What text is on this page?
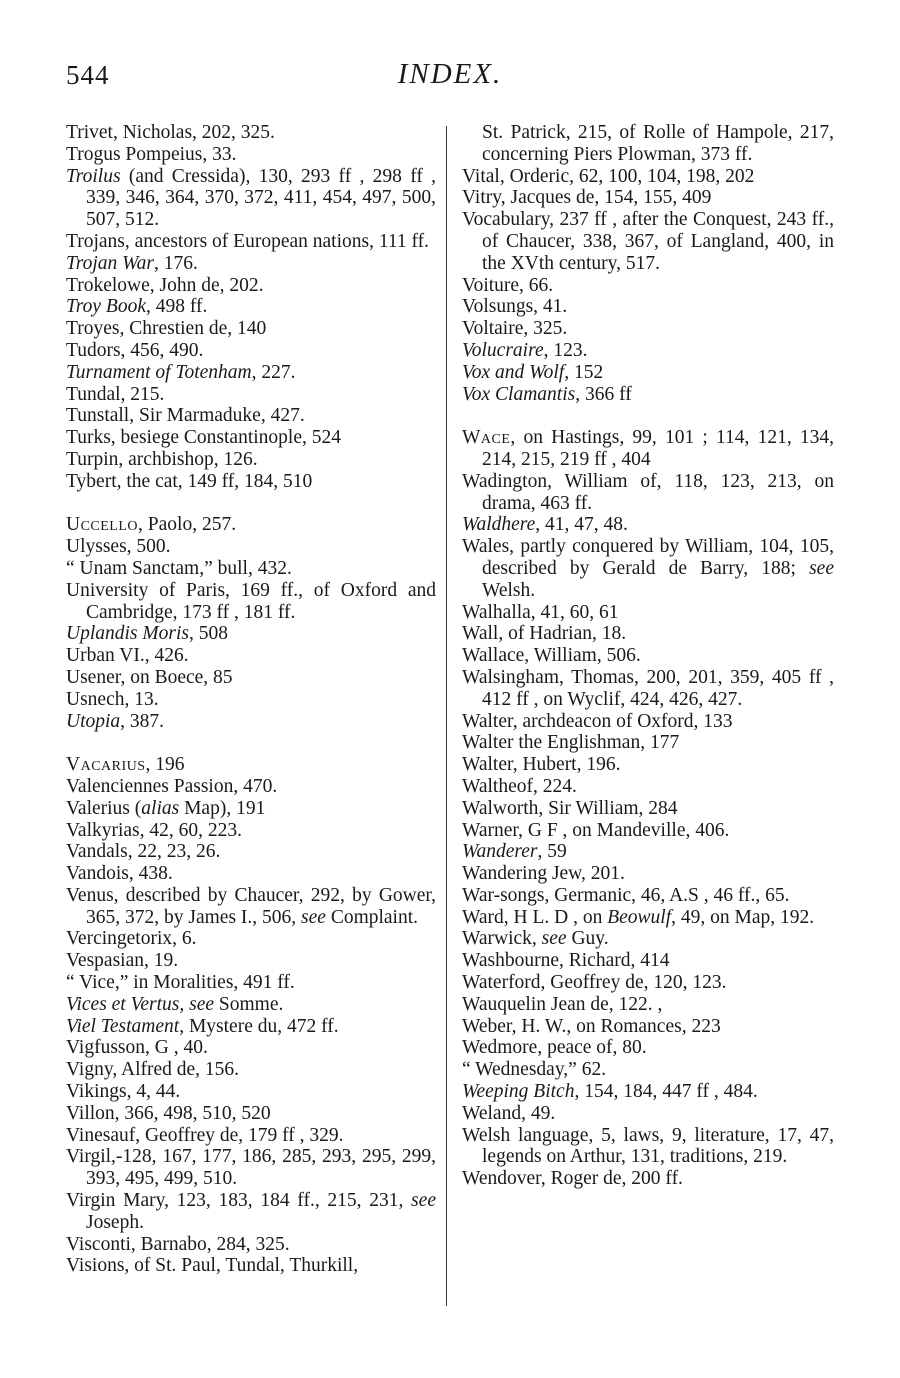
544	INDEX.

Trivet, Nicholas, 202, 325.

Trogus Pompeius, 33.

Troilus (and Cressida), 130, 293 ff , 298 ff , 339, 346, 364, 370, 372, 411, 454, 497, 500, 507, 512.

Trojans, ancestors of European nations, 111 ff.

Trojan War, 176.

Trokelowe, John de, 202.

Troy Book, 498 ff.

Troyes, Chrestien de, 140

Tudors, 456, 490.

Turnament of Totenham, 227.

Tundal, 215.

Tunstall, Sir Marmaduke, 427.

Turks, besiege Constantinople, 524

Turpin, archbishop, 126.

Tybert, the cat, 149 ff, 184, 510

Uccello, Paolo, 257.

Ulysses, 500.

“ Unam Sanctam,” bull, 432.

University of Paris, 169 ff., of Oxford and Cambridge, 173 ff , 181 ff.

Uplandis Moris, 508

Urban VI., 426.

Usener, on Boece, 85

Usnech, 13.

Utopia, 387.

Vacarius, 196

Valenciennes Passion, 470.

Valerius (alias Map), 191

Valkyrias, 42, 60, 223.

Vandals, 22, 23, 26.

Vandois, 438.

Venus, described by Chaucer, 292, by Gower, 365, 372, by James I., 506, see Complaint.

Vercingetorix, 6.

Vespasian, 19.

“ Vice,” in Moralities, 491 ff.

Vices et Vertus, see Somme.

Viel Testament, Mystere du, 472 ff.

Vigfusson, G , 40.

Vigny, Alfred de, 156.

Vikings, 4, 44.

Villon, 366, 498, 510, 520

Vinesauf, Geoffrey de, 179 ff , 329.

Virgil,-128, 167, 177, 186, 285, 293, 295, 299, 393, 495, 499, 510.

Virgin Mary, 123, 183, 184 ff., 215, 231, see Joseph.

Visconti, Barnabo, 284, 325.

Visions, of St. Paul, Tundal, Thurkill,

St. Patrick, 215, of Rolle of Hampole, 217, concerning Piers Plowman, 373 ff.

Vital, Orderic, 62, 100, 104, 198, 202

Vitry, Jacques de, 154, 155, 409

Vocabulary, 237 ff , after the Conquest, 243 ff., of Chaucer, 338, 367, of Langland, 400, in the XVth century, 517.

Voiture, 66.

Volsungs, 41.

Voltaire, 325.

Volucraire, 123.

Vox and Wolf, 152

Vox Clamantis, 366 ff

Wace, on Hastings, 99, 101 ; 114, 121, 134, 214, 215, 219 ff , 404

Wadington, William of, 118, 123, 213, on drama, 463 ff.

Waldhere, 41, 47, 48.

Wales, partly conquered by William, 104, 105, described by Gerald de Barry, 188; see Welsh.

Walhalla, 41, 60, 61

Wall, of Hadrian, 18.

Wallace, William, 506.

Walsingham, Thomas, 200, 201, 359, 405 ff , 412 ff , on Wyclif, 424, 426, 427.

Walter, archdeacon of Oxford, 133

Walter the Englishman, 177

Walter, Hubert, 196.

Waltheof, 224.

Walworth, Sir William, 284

Warner, G F , on Mandeville, 406.

Wanderer, 59

Wandering Jew, 201.

War-songs, Germanic, 46, A.S , 46 ff., 65.

Ward, H L. D , on Beowulf, 49, on Map, 192.

Warwick, see Guy.

Washbourne, Richard, 414

Waterford, Geoffrey de, 120, 123.

Wauquelin Jean de, 122. ,

Weber, H. W., on Romances, 223

Wedmore, peace of, 80.

“ Wednesday,” 62.

Weeping Bitch, 154, 184, 447 ff , 484.

Weland, 49.

Welsh language, 5, laws, 9, literature, 17, 47, legends on Arthur, 131, traditions, 219.

Wendover, Roger de, 200 ff.
